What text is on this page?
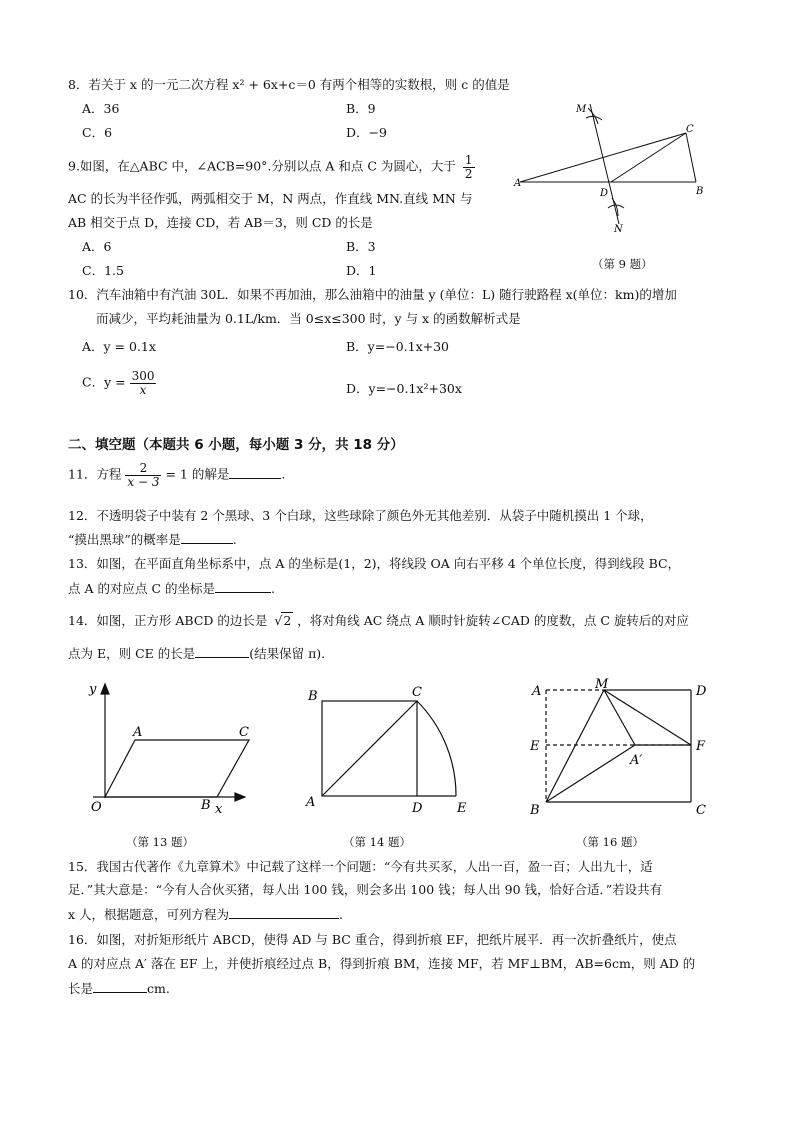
8．若关于 x 的一元二次方程 x² + 6x+c＝0 有两个相等的实数根，则 c 的值是
A．36	B．9
C．6	D．−9
9.如图，在△ABC 中，∠ACB=90°.分别以点 A 和点 C 为圆心，大于 $\frac{1}{2}$
AC 的长为半径作弧，两弧相交于 M，N 两点，作直线 MN.直线 MN 与
AB 相交于点 D，连接 CD，若 AB＝3，则 CD 的长是
A．6	B．3
C．1.5	D．1
M
N
A
B
C
D
（第 9 题）
10．汽车油箱中有汽油 30L．如果不再加油，那么油箱中的油量 y (单位：L) 随行驶路程 x(单位：km)的增加
而减少，平均耗油量为 0.1L/km．当 0≤x≤300 时，y 与 x 的函数解析式是
A．y = 0.1x	B．y=−0.1x+30
C．$y = \frac{300}{x}$	D．y=−0.1x²+30x
二、填空题（本题共 6 小题，每小题 3 分，共 18 分）
11．方程 $\frac{2}{x - 3} = 1$ 的解是	.
12．不透明袋子中装有 2 个黑球、3 个白球，这些球除了颜色外无其他差别．从袋子中随机摸出 1 个球，
“摸出黑球”的概率是	.
13．如图，在平面直角坐标系中，点 A 的坐标是(1，2)，将线段 OA 向右平移 4 个单位长度，得到线段 BC，
点 A 的对应点 C 的坐标是	.
14．如图，正方形 ABCD 的边长是 √2 ，将对角线 AC 绕点 A 顺时针旋转∠CAD 的度数，点 C 旋转后的对应
点为 E，则 CE 的长是	(结果保留 π).
y
x
O
A	C
B
（第 13 题）
B	C
A	D	E
（第 14 题）
A	M	D
E	F
A′
B	C
（第 16 题）
15．我国古代著作《九章算术》中记载了这样一个问题：“今有共买豕，人出一百，盈一百；人出九十，适
足．”其大意是：“今有人合伙买猪，每人出 100 钱，则会多出 100 钱；每人出 90 钱，恰好合适．”若设共有
x 人，根据题意，可列方程为	.
16．如图，对折矩形纸片 ABCD，使得 AD 与 BC 重合，得到折痕 EF，把纸片展平．再一次折叠纸片，使点
A 的对应点 A′ 落在 EF 上，并使折痕经过点 B，得到折痕 BM，连接 MF，若 MF⊥BM，AB=6cm，则 AD 的
长是	cm.
